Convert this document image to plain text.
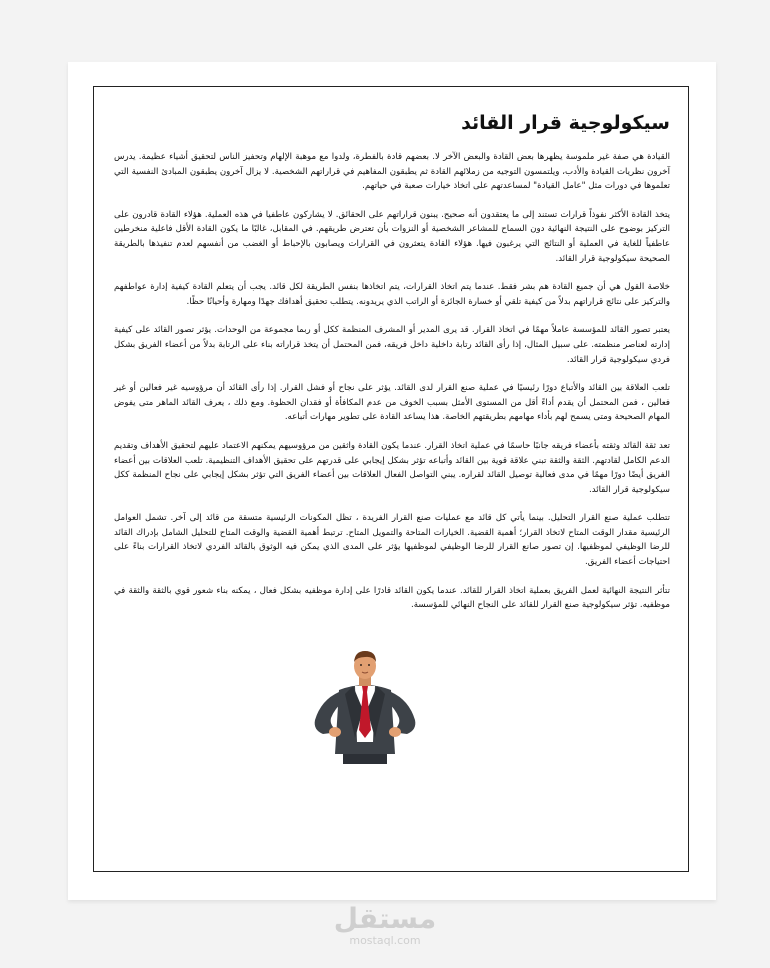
سيكولوجية قرار القائد

القيادة هي صفة غير ملموسة يظهرها بعض القادة والبعض الآخر لا. بعضهم قادة بالفطرة، ولدوا مع موهبة الإلهام وتحفيز الناس لتحقيق أشياء عظيمة. يدرس آخرون نظريات القيادة والأدب، ويلتمسون التوجيه من زملائهم القادة ثم يطبقون المفاهيم في قراراتهم الشخصية. لا يزال آخرون يطبقون المبادئ النفسية التي تعلموها في دورات مثل "عامل القيادة" لمساعدتهم على اتخاذ خيارات صعبة في حياتهم.

يتخذ القادة الأكثر نفوذاً قرارات تستند إلى ما يعتقدون أنه صحيح. يبنون قراراتهم على الحقائق. لا يشاركون عاطفيا في هذه العملية. هؤلاء القادة قادرون على التركيز بوضوح على النتيجة النهائية دون السماح للمشاعر الشخصية أو النزوات بأن تعترض طريقهم. في المقابل، غالبًا ما يكون القادة الأقل فاعلية منخرطين عاطفياً للغاية في العملية أو النتائج التي يرغبون فيها. هؤلاء القادة يتعثرون في القرارات ويصابون بالإحباط أو الغضب من أنفسهم لعدم تنفيذها بالطريقة الصحيحة سيكولوجية قرار القائد.

خلاصة القول هي أن جميع القادة هم بشر فقط. عندما يتم اتخاذ القرارات، يتم اتخاذها بنفس الطريقة لكل قائد. يجب أن يتعلم القادة كيفية إدارة عواطفهم والتركيز على نتائج قراراتهم بدلاً من كيفية تلقي أو خسارة الجائزة أو الراتب الذي يريدونه. يتطلب تحقيق أهدافك جهدًا ومهارة وأحيانًا حظًا.

يعتبر تصور القائد للمؤسسة عاملاً مهمًا في اتخاذ القرار. قد يرى المدير أو المشرف المنظمة ككل أو ربما مجموعة من الوحدات. يؤثر تصور القائد على كيفية إدارته لعناصر منظمته. على سبيل المثال، إذا رأى القائد رتابة داخلية داخل فريقه، فمن المحتمل أن يتخذ قراراته بناء على الرتابة بدلاً من أعضاء الفريق بشكل فردي سيكولوجية قرار القائد.

تلعب العلاقة بين القائد والأتباع دورًا رئيسيًا في عملية صنع القرار لدى القائد. يؤثر على نجاح أو فشل القرار. إذا رأى القائد أن مرؤوسيه غير فعالين أو غير فعالين ، فمن المحتمل أن يقدم أداءً أقل من المستوى الأمثل بسبب الخوف من عدم المكافأة أو فقدان الحظوة. ومع ذلك ، يعرف القائد الماهر متى يفوض المهام الصحيحة ومتى يسمح لهم بأداء مهامهم بطريقتهم الخاصة. هذا يساعد القادة على تطوير مهارات أتباعه.

تعد ثقة القائد وثقته بأعضاء فريقه جانبًا حاسمًا في عملية اتخاذ القرار. عندما يكون القادة واثقين من مرؤوسيهم يمكنهم الاعتماد عليهم لتحقيق الأهداف وتقديم الدعم الكامل لقادتهم. الثقة والثقة تبني علاقة قوية بين القائد وأتباعه تؤثر بشكل إيجابي على قدرتهم على تحقيق الأهداف التنظيمية. تلعب العلاقات بين أعضاء الفريق أيضًا دورًا مهمًا في مدى فعالية توصيل القائد لقراره. يبني التواصل الفعال العلاقات بين أعضاء الفريق التي تؤثر بشكل إيجابي على نجاح المنظمة ككل سيكولوجية قرار القائد.

تتطلب عملية صنع القرار التحليل. بينما يأتي كل قائد مع عمليات صنع القرار الفريدة ، تظل المكونات الرئيسية متسقة من قائد إلى آخر. تشمل العوامل الرئيسية مقدار الوقت المتاح لاتخاذ القرار؛ أهمية القضية. الخيارات المتاحة والتمويل المتاح. ترتبط أهمية القضية والوقت المتاح للتحليل الشامل بإدراك القائد للرضا الوظيفي لموظفيها. إن تصور صانع القرار للرضا الوظيفي لموظفيها يؤثر على المدى الذي يمكن فيه الوثوق بالقائد الفردي لاتخاذ القرارات بناءً على احتياجات أعضاء الفريق.

تتأثر النتيجة النهائية لعمل الفريق بعملية اتخاذ القرار للقائد. عندما يكون القائد قادرًا على إدارة موظفيه بشكل فعال ، يمكنه بناء شعور قوي بالثقة والثقة في موظفيه. تؤثر سيكولوجية صنع القرار للقائد على النجاح النهائي للمؤسسة.

مستقل
mostaql.com
